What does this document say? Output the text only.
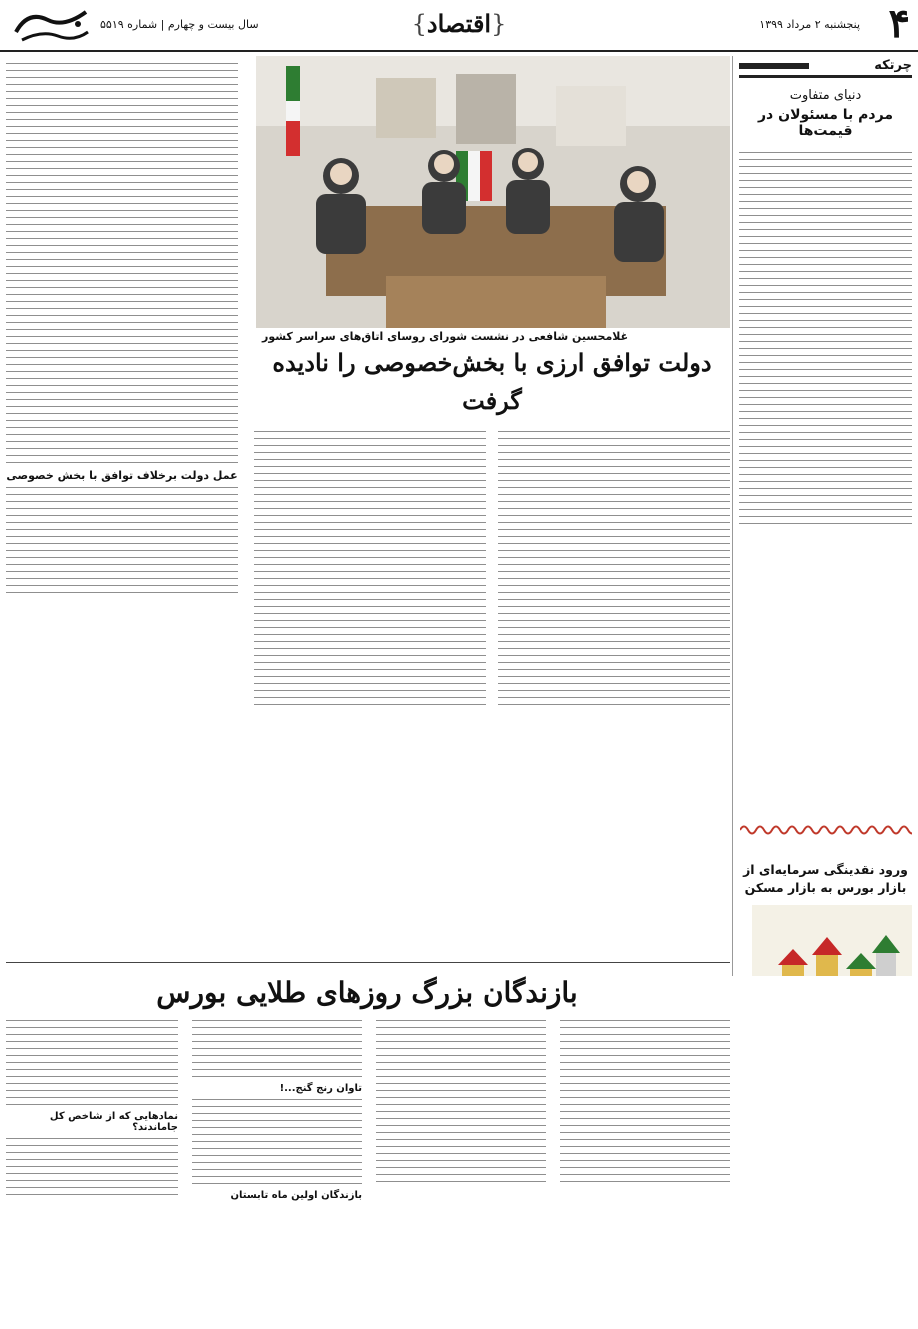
۴
پنجشنبه ۲ مرداد ۱۳۹۹
{اقتصاد}
سال بیست و چهارم | شماره ۵۵۱۹
چرتکه
دنیای متفاوت
مردم با مسئولان در قیمت‌ها
ورود نقدینگی سرمایه‌ای از بازار بورس به بازار مسکن
غلامحسین شافعی در نشست شورای روسای اتاق‌های سراسر کشور
دولت توافق ارزی با بخش‌خصوصی را نادیده گرفت
عمل دولت برخلاف توافق با بخش خصوصی
بازندگان بزرگ روزهای طلایی بورس
تاوان رنج گنج...!
بازندگان اولین ماه تابستان
نمادهایی که از شاخص کل جاماندند؟
